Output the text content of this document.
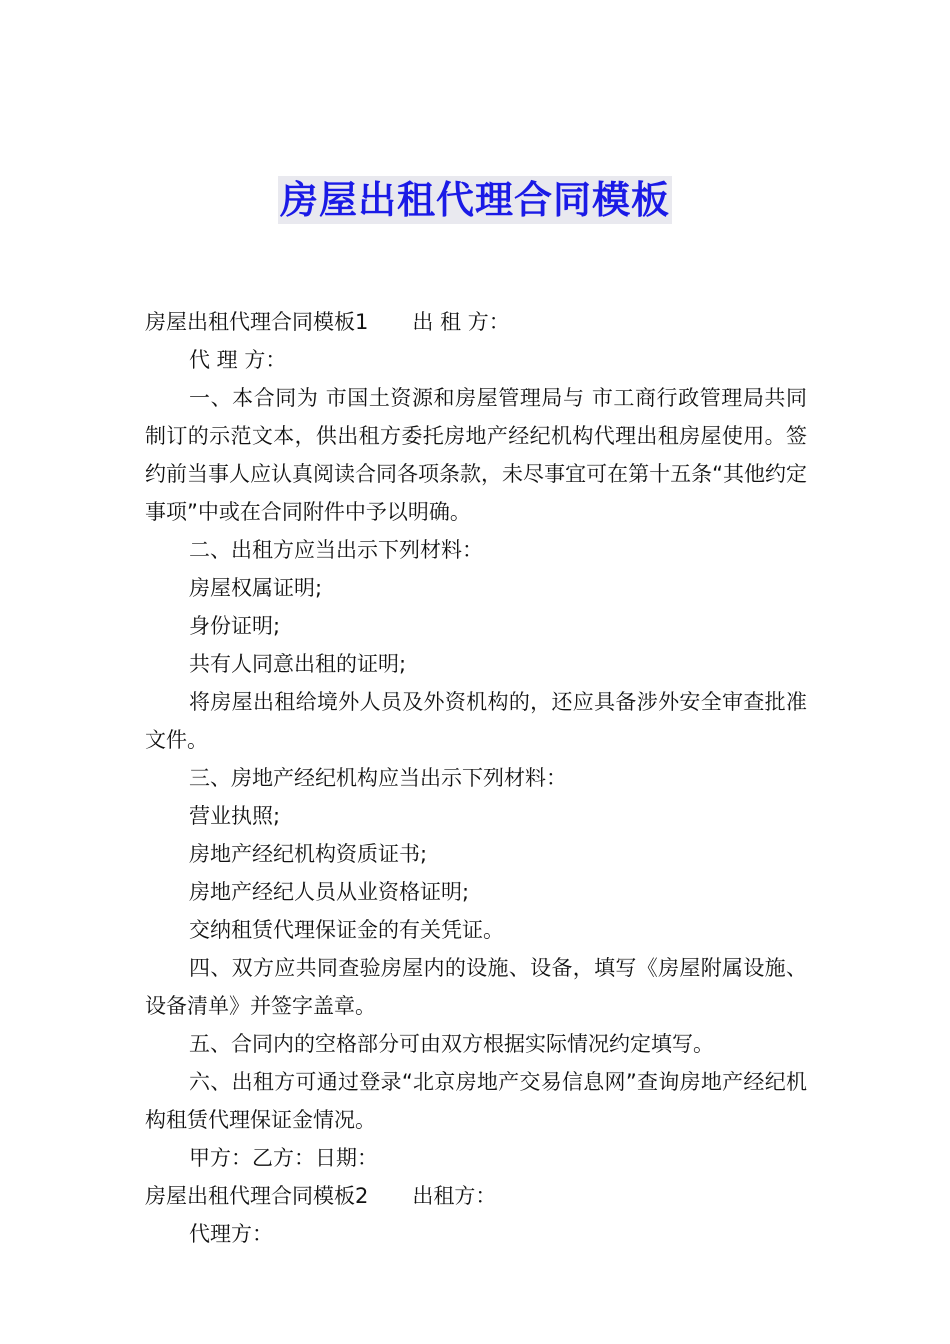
房屋出租代理合同模板

房屋出租代理合同模板1 出 租 方：

代 理 方：

一、本合同为 市国土资源和房屋管理局与 市工商行政管理局共同制订的示范文本，供出租方委托房地产经纪机构代理出租房屋使用。签约前当事人应认真阅读合同各项条款，未尽事宜可在第十五条“其他约定事项”中或在合同附件中予以明确。

二、出租方应当出示下列材料：

房屋权属证明;

身份证明;

共有人同意出租的证明;

将房屋出租给境外人员及外资机构的，还应具备涉外安全审查批准文件。

三、房地产经纪机构应当出示下列材料：

营业执照;

房地产经纪机构资质证书;

房地产经纪人员从业资格证明;

交纳租赁代理保证金的有关凭证。

四、双方应共同查验房屋内的设施、设备，填写《房屋附属设施、设备清单》并签字盖章。

五、合同内的空格部分可由双方根据实际情况约定填写。

六、出租方可通过登录“北京房地产交易信息网”查询房地产经纪机构租赁代理保证金情况。

甲方：乙方：日期：

房屋出租代理合同模板2 出租方：

代理方：
